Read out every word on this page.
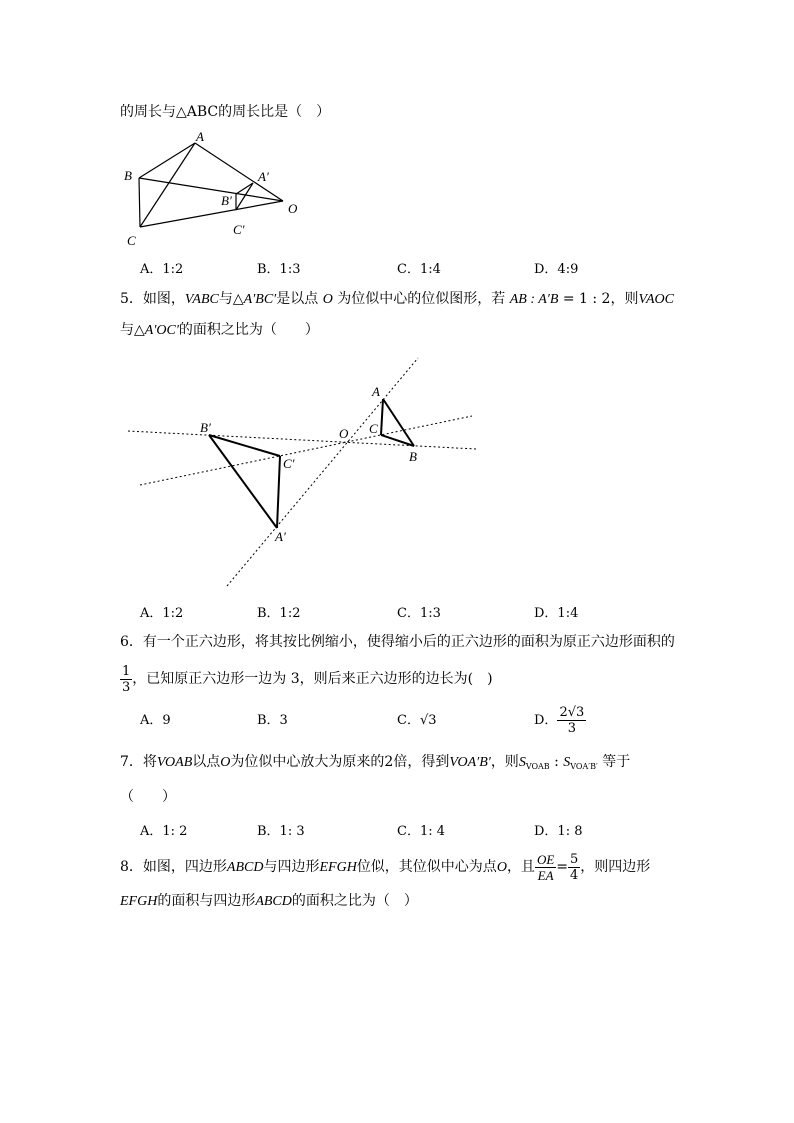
的周长与△ABC的周长比是（　）
A
B
C
O
A′
B′
C′
A．1:2	B．1:3	C．1:4	D．4:9
5．如图，VABC与△A′BC′是以点 O 为位似中心的位似图形，若 AB : A′B = 1 : 2，则VAOC
与△A′OC′的面积之比为（　　）
A
C
B
O
B′
C′
A′
A．1:2	B．1:2	C．1:3	D．1:4
6．有一个正六边形，将其按比例缩小，使得缩小后的正六边形的面积为原正六边形面积的
$\frac{1}{3}$ ，已知原正六边形一边为 3，则后来正六边形的边长为(　)
A．9	B．3	C．√3	D． $\frac{2√3}{3}$
7．将VOAB以点O为位似中心放大为原来的2倍，得到VOA′B′，则$S_{VOAB}$ : $S_{VOA'B'}$ 等于
（　　）
A．1: 2	B．1: 3	C．1: 4	D．1: 8
8．如图，四边形ABCD与四边形EFGH位似，其位似中心为点O，且 $\frac{OE}{EA} = \frac{5}{4}$ ，则四边形
EFGH的面积与四边形ABCD的面积之比为（　）
